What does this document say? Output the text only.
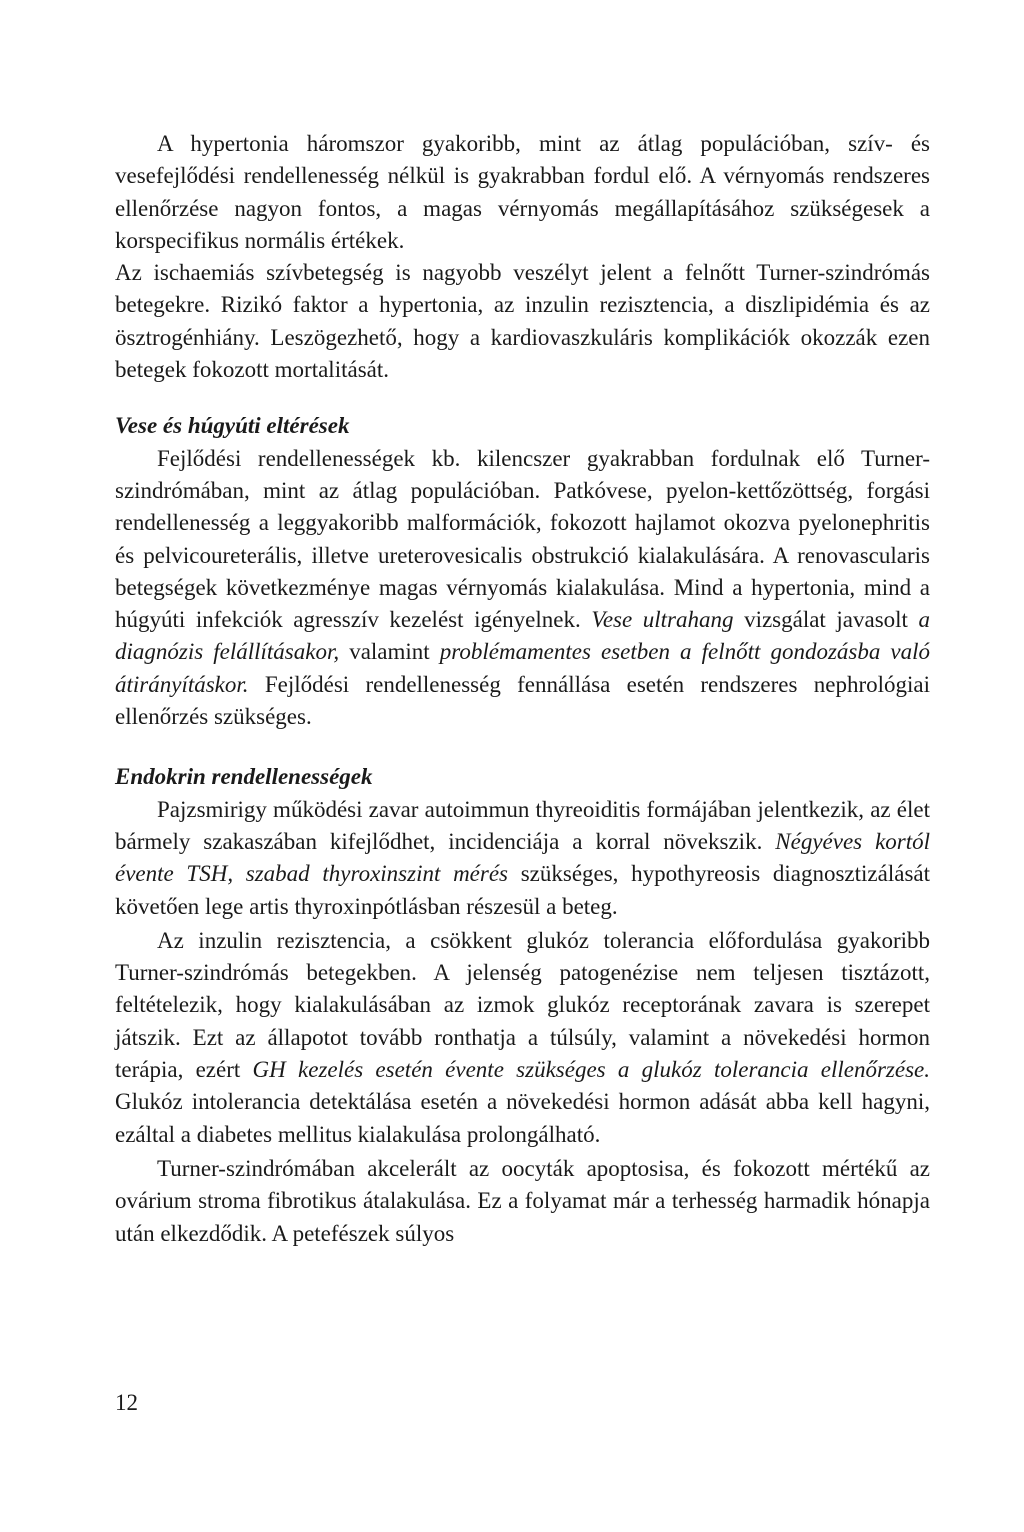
A hypertonia háromszor gyakoribb, mint az átlag populációban, szív- és vesefejlődési rendellenesség nélkül is gyakrabban fordul elő. A vérnyomás rendszeres ellenőrzése nagyon fontos, a magas vérnyomás megállapításához szükségesek a korspecifikus normális értékek.

Az ischaemiás szívbetegség is nagyobb veszélyt jelent a felnőtt Turner-szindrómás betegekre. Rizikó faktor a hypertonia, az inzulin rezisztencia, a diszlipidémia és az ösztrogénhiány. Leszögezhető, hogy a kardiovaszkuláris komplikációk okozzák ezen betegek fokozott mortalitását.

Vese és húgyúti eltérések

Fejlődési rendellenességek kb. kilencszer gyakrabban fordulnak elő Turner-szindrómában, mint az átlag populációban. Patkóvese, pyelon-kettőzöttség, forgási rendellenesség a leggyakoribb malformációk, fokozott hajlamot okozva pyelonephritis és pelvicoureterális, illetve ureterovesicalis obstrukció kialakulására. A renovascularis betegségek következménye magas vérnyomás kialakulása. Mind a hypertonia, mind a húgyúti infekciók agresszív kezelést igényelnek. Vese ultrahang vizsgálat javasolt a diagnózis felállításakor, valamint problémamentes esetben a felnőtt gondozásba való átirányításkor. Fejlődési rendellenesség fennállása esetén rendszeres nephrológiai ellenőrzés szükséges.

Endokrin rendellenességek

Pajzsmirigy működési zavar autoimmun thyreoiditis formájában jelentkezik, az élet bármely szakaszában kifejlődhet, incidenciája a korral növekszik. Négyéves kortól évente TSH, szabad thyroxinszint mérés szükséges, hypothyreosis diagnosztizálását követően lege artis thyroxinpótlásban részesül a beteg.

Az inzulin rezisztencia, a csökkent glukóz tolerancia előfordulása gyakoribb Turner-szindrómás betegekben. A jelenség patogenézise nem teljesen tisztázott, feltételezik, hogy kialakulásában az izmok glukóz receptorának zavara is szerepet játszik. Ezt az állapotot tovább ronthatja a túlsúly, valamint a növekedési hormon terápia, ezért GH kezelés esetén évente szükséges a glukóz tolerancia ellenőrzése. Glukóz intolerancia detektálása esetén a növekedési hormon adását abba kell hagyni, ezáltal a diabetes mellitus kialakulása prolongálható.

Turner-szindrómában akcelerált az oocyták apoptosisa, és fokozott mértékű az ovárium stroma fibrotikus átalakulása. Ez a folyamat már a terhesség harmadik hónapja után elkezdődik. A petefészek súlyos

12
